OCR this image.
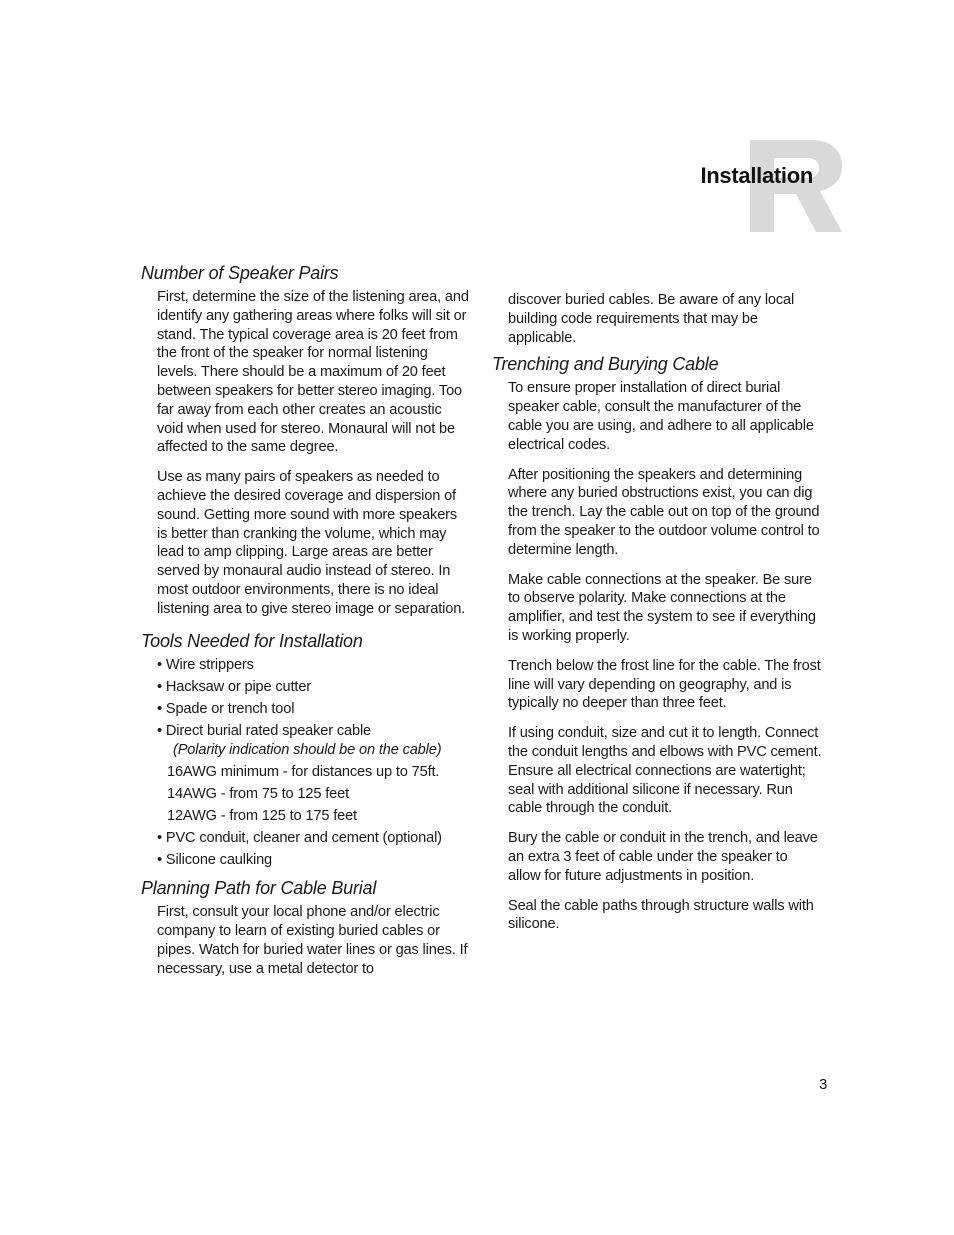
Installation
Number of Speaker Pairs

First, determine the size of the listening area, and identify any gathering areas where folks will sit or stand. The typical coverage area is 20 feet from the front of the speaker for normal listening levels. There should be a maximum of 20 feet between speakers for better stereo imaging. Too far away from each other creates an acoustic void when used for stereo. Monaural will not be affected to the same degree.

Use as many pairs of speakers as needed to achieve the desired coverage and dispersion of sound. Getting more sound with more speakers is better than cranking the volume, which may lead to amp clipping. Large areas are better served by monaural audio instead of stereo. In most outdoor environments, there is no ideal listening area to give stereo image or separation.

Tools Needed for Installation
• Wire strippers
• Hacksaw or pipe cutter
• Spade or trench tool
• Direct burial rated speaker cable
(Polarity indication should be on the cable)
16AWG minimum - for distances up to 75ft.
14AWG - from 75 to 125 feet
12AWG - from 125 to 175 feet
• PVC conduit, cleaner and cement (optional)
• Silicone caulking
Planning Path for Cable Burial

First, consult your local phone and/or electric company to learn of existing buried cables or pipes. Watch for buried water lines or gas lines. If necessary, use a metal detector to

discover buried cables. Be aware of any local building code requirements that may be applicable.

Trenching and Burying Cable

To ensure proper installation of direct burial speaker cable, consult the manufacturer of the cable you are using, and adhere to all applicable electrical codes.

After positioning the speakers and determining where any buried obstructions exist, you can dig the trench. Lay the cable out on top of the ground from the speaker to the outdoor volume control to determine length.

Make cable connections at the speaker. Be sure to observe polarity. Make connections at the amplifier, and test the system to see if everything is working properly.

Trench below the frost line for the cable. The frost line will vary depending on geography, and is typically no deeper than three feet.

If using conduit, size and cut it to length. Connect the conduit lengths and elbows with PVC cement. Ensure all electrical connections are watertight; seal with additional silicone if necessary. Run cable through the conduit.

Bury the cable or conduit in the trench, and leave an extra 3 feet of cable under the speaker to allow for future adjustments in position.

Seal the cable paths through structure walls with silicone.

3
